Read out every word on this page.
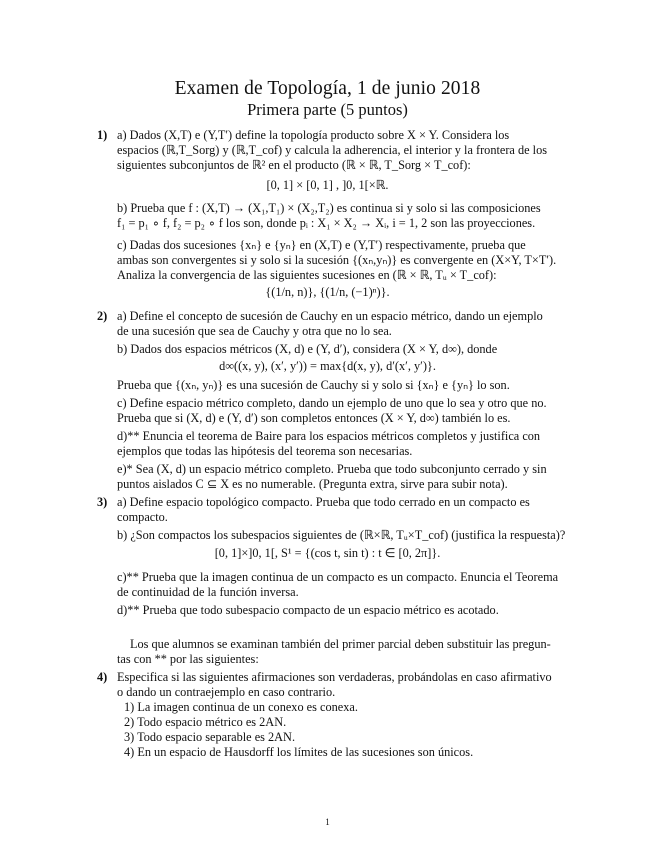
Examen de Topología, 1 de junio 2018
Primera parte (5 puntos)
1) a) Dados (X,T) e (Y,T′) define la topología producto sobre X × Y. Considera los
espacios (ℝ,T_Sorg) y (ℝ,T_cof) y calcula la adherencia, el interior y la frontera de los
siguientes subconjuntos de ℝ² en el producto (ℝ × ℝ, T_Sorg × T_cof):
[0, 1] × [0, 1] , ]0, 1[×ℝ.
b) Prueba que f : (X,T) → (X₁,T₁) × (X₂,T₂) es continua si y solo si las composiciones
f₁ = p₁ ∘ f, f₂ = p₂ ∘ f los son, donde pᵢ : X₁ × X₂ → Xᵢ, i = 1, 2 son las proyecciones.
c) Dadas dos sucesiones {xₙ} e {yₙ} en (X,T) e (Y,T′) respectivamente, prueba que
ambas son convergentes si y solo si la sucesión {(xₙ,yₙ)} es convergente en (X×Y, T×T′).
Analiza la convergencia de las siguientes sucesiones en (ℝ × ℝ, Tᵤ × T_cof):
{(1/n, n)}, {(1/n, (−1)ⁿ)}.
2) a) Define el concepto de sucesión de Cauchy en un espacio métrico, dando un ejemplo
de una sucesión que sea de Cauchy y otra que no lo sea.
b) Dados dos espacios métricos (X, d) e (Y, d′), considera (X × Y, d∞), donde
d∞((x, y), (x′, y′)) = max{d(x, y), d′(x′, y′)}.
Prueba que {(xₙ, yₙ)} es una sucesión de Cauchy si y solo si {xₙ} e {yₙ} lo son.
c) Define espacio métrico completo, dando un ejemplo de uno que lo sea y otro que no.
Prueba que si (X, d) e (Y, d′) son completos entonces (X × Y, d∞) también lo es.
d)** Enuncia el teorema de Baire para los espacios métricos completos y justifica con
ejemplos que todas las hipótesis del teorema son necesarias.
e)* Sea (X, d) un espacio métrico completo. Prueba que todo subconjunto cerrado y sin
puntos aislados C ⊆ X es no numerable. (Pregunta extra, sirve para subir nota).
3) a) Define espacio topológico compacto. Prueba que todo cerrado en un compacto es
compacto.
b) ¿Son compactos los subespacios siguientes de (ℝ×ℝ, Tᵤ×T_cof) (justifica la respuesta)?
[0, 1]×]0, 1[, S¹ = {(cos t, sin t) : t ∈ [0, 2π]}.
c)** Prueba que la imagen continua de un compacto es un compacto. Enuncia el Teorema
de continuidad de la función inversa.
d)** Prueba que todo subespacio compacto de un espacio métrico es acotado.
Los que alumnos se examinan también del primer parcial deben substituir las pregun-
tas con ** por las siguientes:
4) Especifica si las siguientes afirmaciones son verdaderas, probándolas en caso afirmativo
o dando un contraejemplo en caso contrario.
1) La imagen continua de un conexo es conexa.
2) Todo espacio métrico es 2AN.
3) Todo espacio separable es 2AN.
4) En un espacio de Hausdorff los límites de las sucesiones son únicos.
1
